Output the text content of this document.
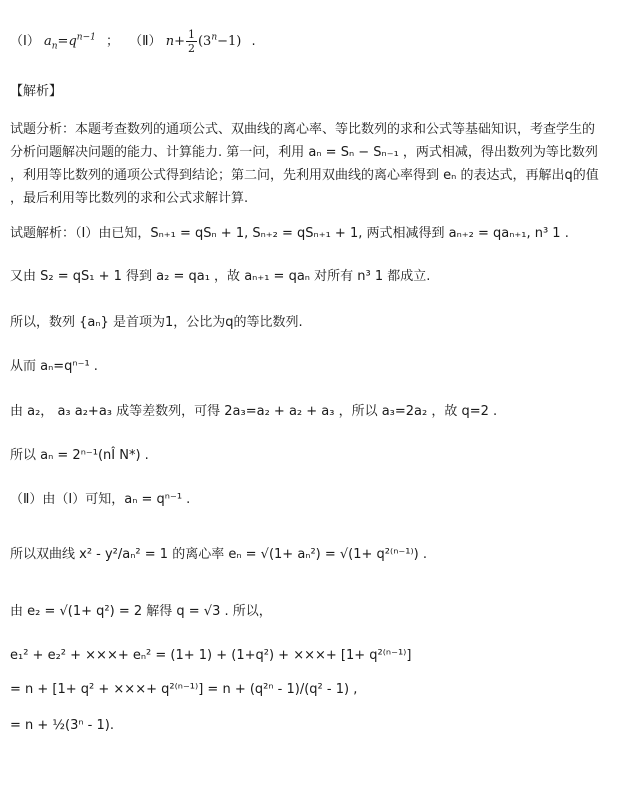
（Ⅰ） $a_n=q^{n-1}$ ； （Ⅱ） $n+ \frac{1}{2} (3^n-1)$ .
【解析】
试题分析：本题考查数列的通项公式、双曲线的离心率、等比数列的求和公式等基础知识，考查学生的
分析问题解决问题的能力、计算能力. 第一问，利用 aₙ = Sₙ − Sₙ₋₁ ，两式相减，得出数列为等比数列
，利用等比数列的通项公式得到结论；第二问，先利用双曲线的离心率得到 eₙ 的表达式，再解出q的值
，最后利用等比数列的求和公式求解计算.
试题解析：（Ⅰ）由已知，Sₙ₊₁ = qSₙ + 1, Sₙ₊₂ = qSₙ₊₁ + 1, 两式相减得到 aₙ₊₂ = qaₙ₊₁, n³ 1 .
又由 S₂ = qS₁ + 1 得到 a₂ = qa₁ ，故 aₙ₊₁ = qaₙ 对所有 n³ 1 都成立.
所以，数列 {aₙ} 是首项为1，公比为q的等比数列.
从而 aₙ=qⁿ⁻¹ .
由 a₂， a₃ a₂+a₃ 成等差数列，可得 2a₃=a₂ + a₂ + a₃ ，所以 a₃=2a₂ ，故 q=2 .
所以 aₙ = 2ⁿ⁻¹(nÎ N*) .
（Ⅱ）由（Ⅰ）可知，aₙ = qⁿ⁻¹ .
所以双曲线 x² - y²/aₙ² = 1 的离心率 eₙ = √(1+ aₙ²) = √(1+ q²⁽ⁿ⁻¹⁾) .
由 e₂ = √(1+ q²) = 2 解得 q = √3 . 所以，
e₁² + e₂² + ×××+ eₙ² = (1+ 1) + (1+q²) + ×××+ [1+ q²⁽ⁿ⁻¹⁾]
= n + [1+ q² + ×××+ q²⁽ⁿ⁻¹⁾] = n + (q²ⁿ - 1)/(q² - 1) ,
= n + ½(3ⁿ - 1).
